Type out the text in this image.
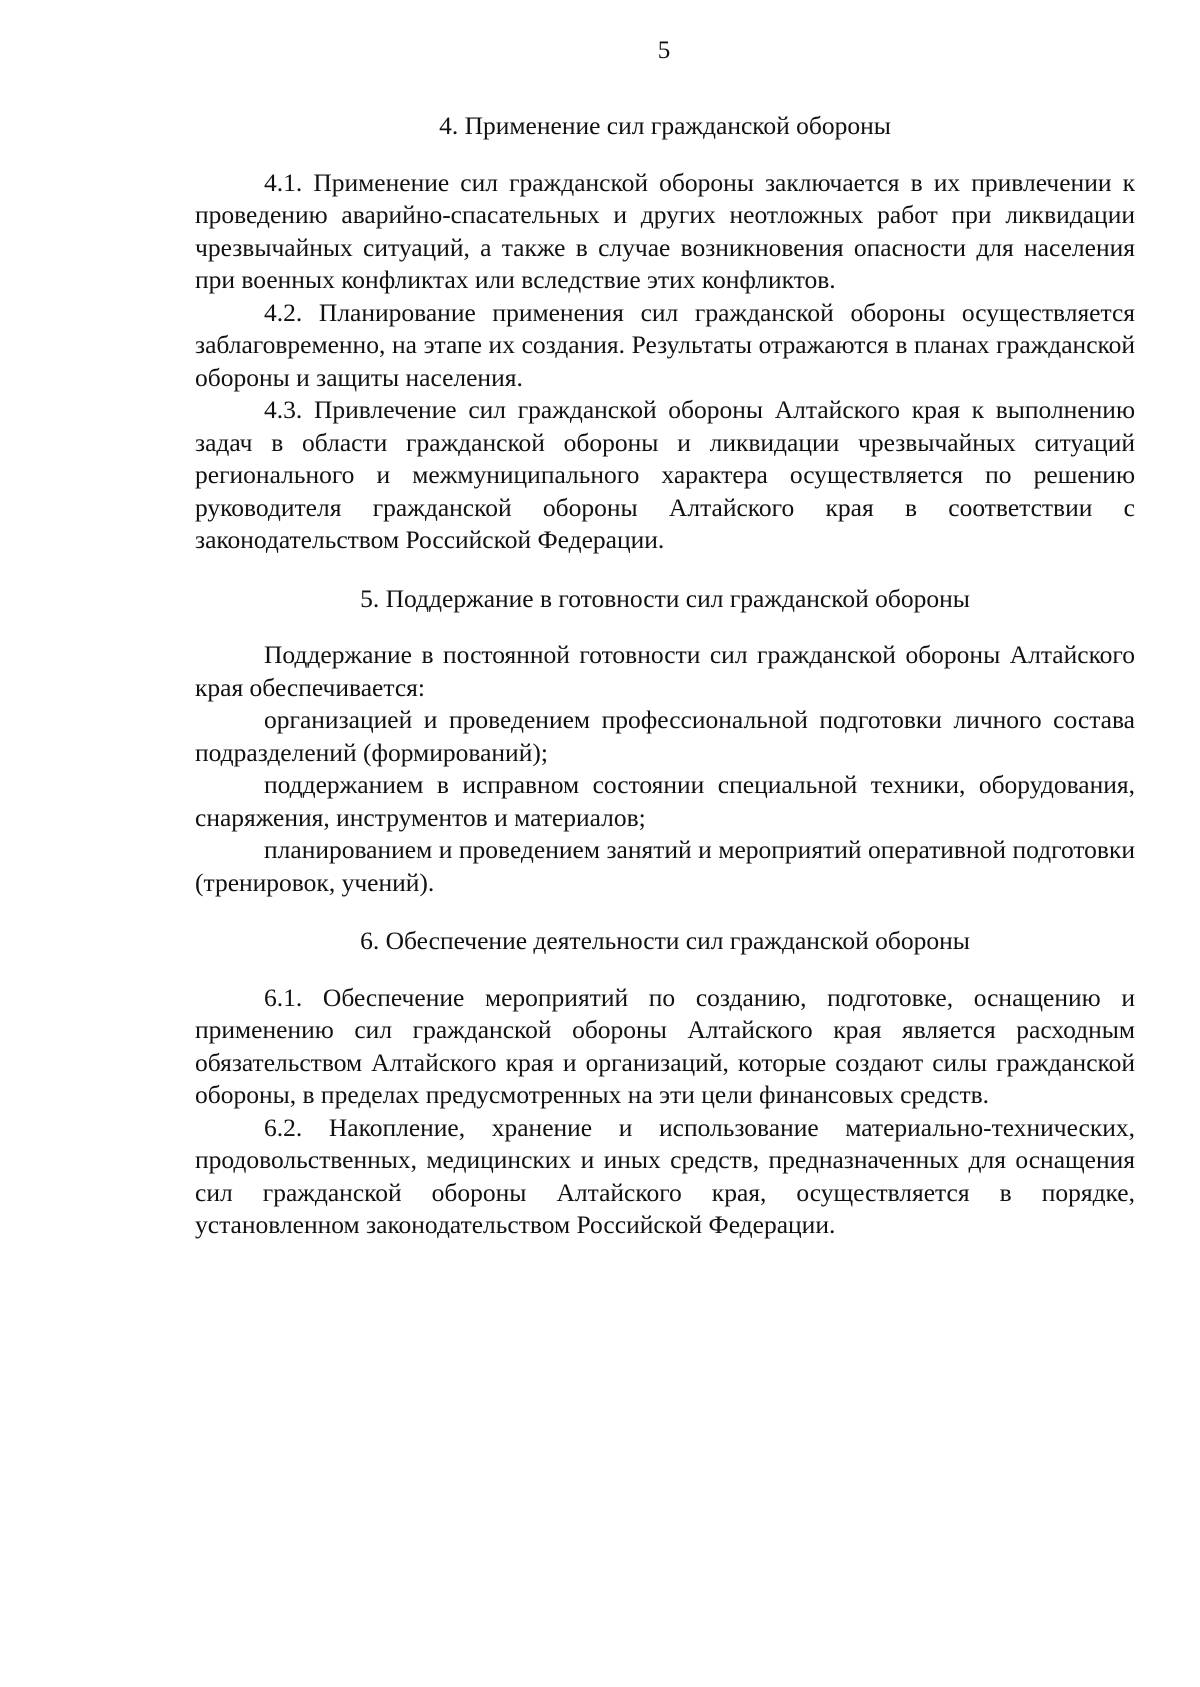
5
4. Применение сил гражданской обороны

4.1. Применение сил гражданской обороны заключается в их привлечении к проведению аварийно-спасательных и других неотложных работ при ликвидации чрезвычайных ситуаций, а также в случае возникновения опасности для населения при военных конфликтах или вследствие этих конфликтов.

4.2. Планирование применения сил гражданской обороны осуществляется заблаговременно, на этапе их создания. Результаты отражаются в планах гражданской обороны и защиты населения.

4.3. Привлечение сил гражданской обороны Алтайского края к выполнению задач в области гражданской обороны и ликвидации чрезвычайных ситуаций регионального и межмуниципального характера осуществляется по решению руководителя гражданской обороны Алтайского края в соответствии с законодательством Российской Федерации.

5. Поддержание в готовности сил гражданской обороны

Поддержание в постоянной готовности сил гражданской обороны Алтайского края обеспечивается:

организацией и проведением профессиональной подготовки личного состава подразделений (формирований);

поддержанием в исправном состоянии специальной техники, оборудования, снаряжения, инструментов и материалов;

планированием и проведением занятий и мероприятий оперативной подготовки (тренировок, учений).

6. Обеспечение деятельности сил гражданской обороны

6.1. Обеспечение мероприятий по созданию, подготовке, оснащению и применению сил гражданской обороны Алтайского края является расходным обязательством Алтайского края и организаций, которые создают силы гражданской обороны, в пределах предусмотренных на эти цели финансовых средств.

6.2. Накопление, хранение и использование материально-технических, продовольственных, медицинских и иных средств, предназначенных для оснащения сил гражданской обороны Алтайского края, осуществляется в порядке, установленном законодательством Российской Федерации.
